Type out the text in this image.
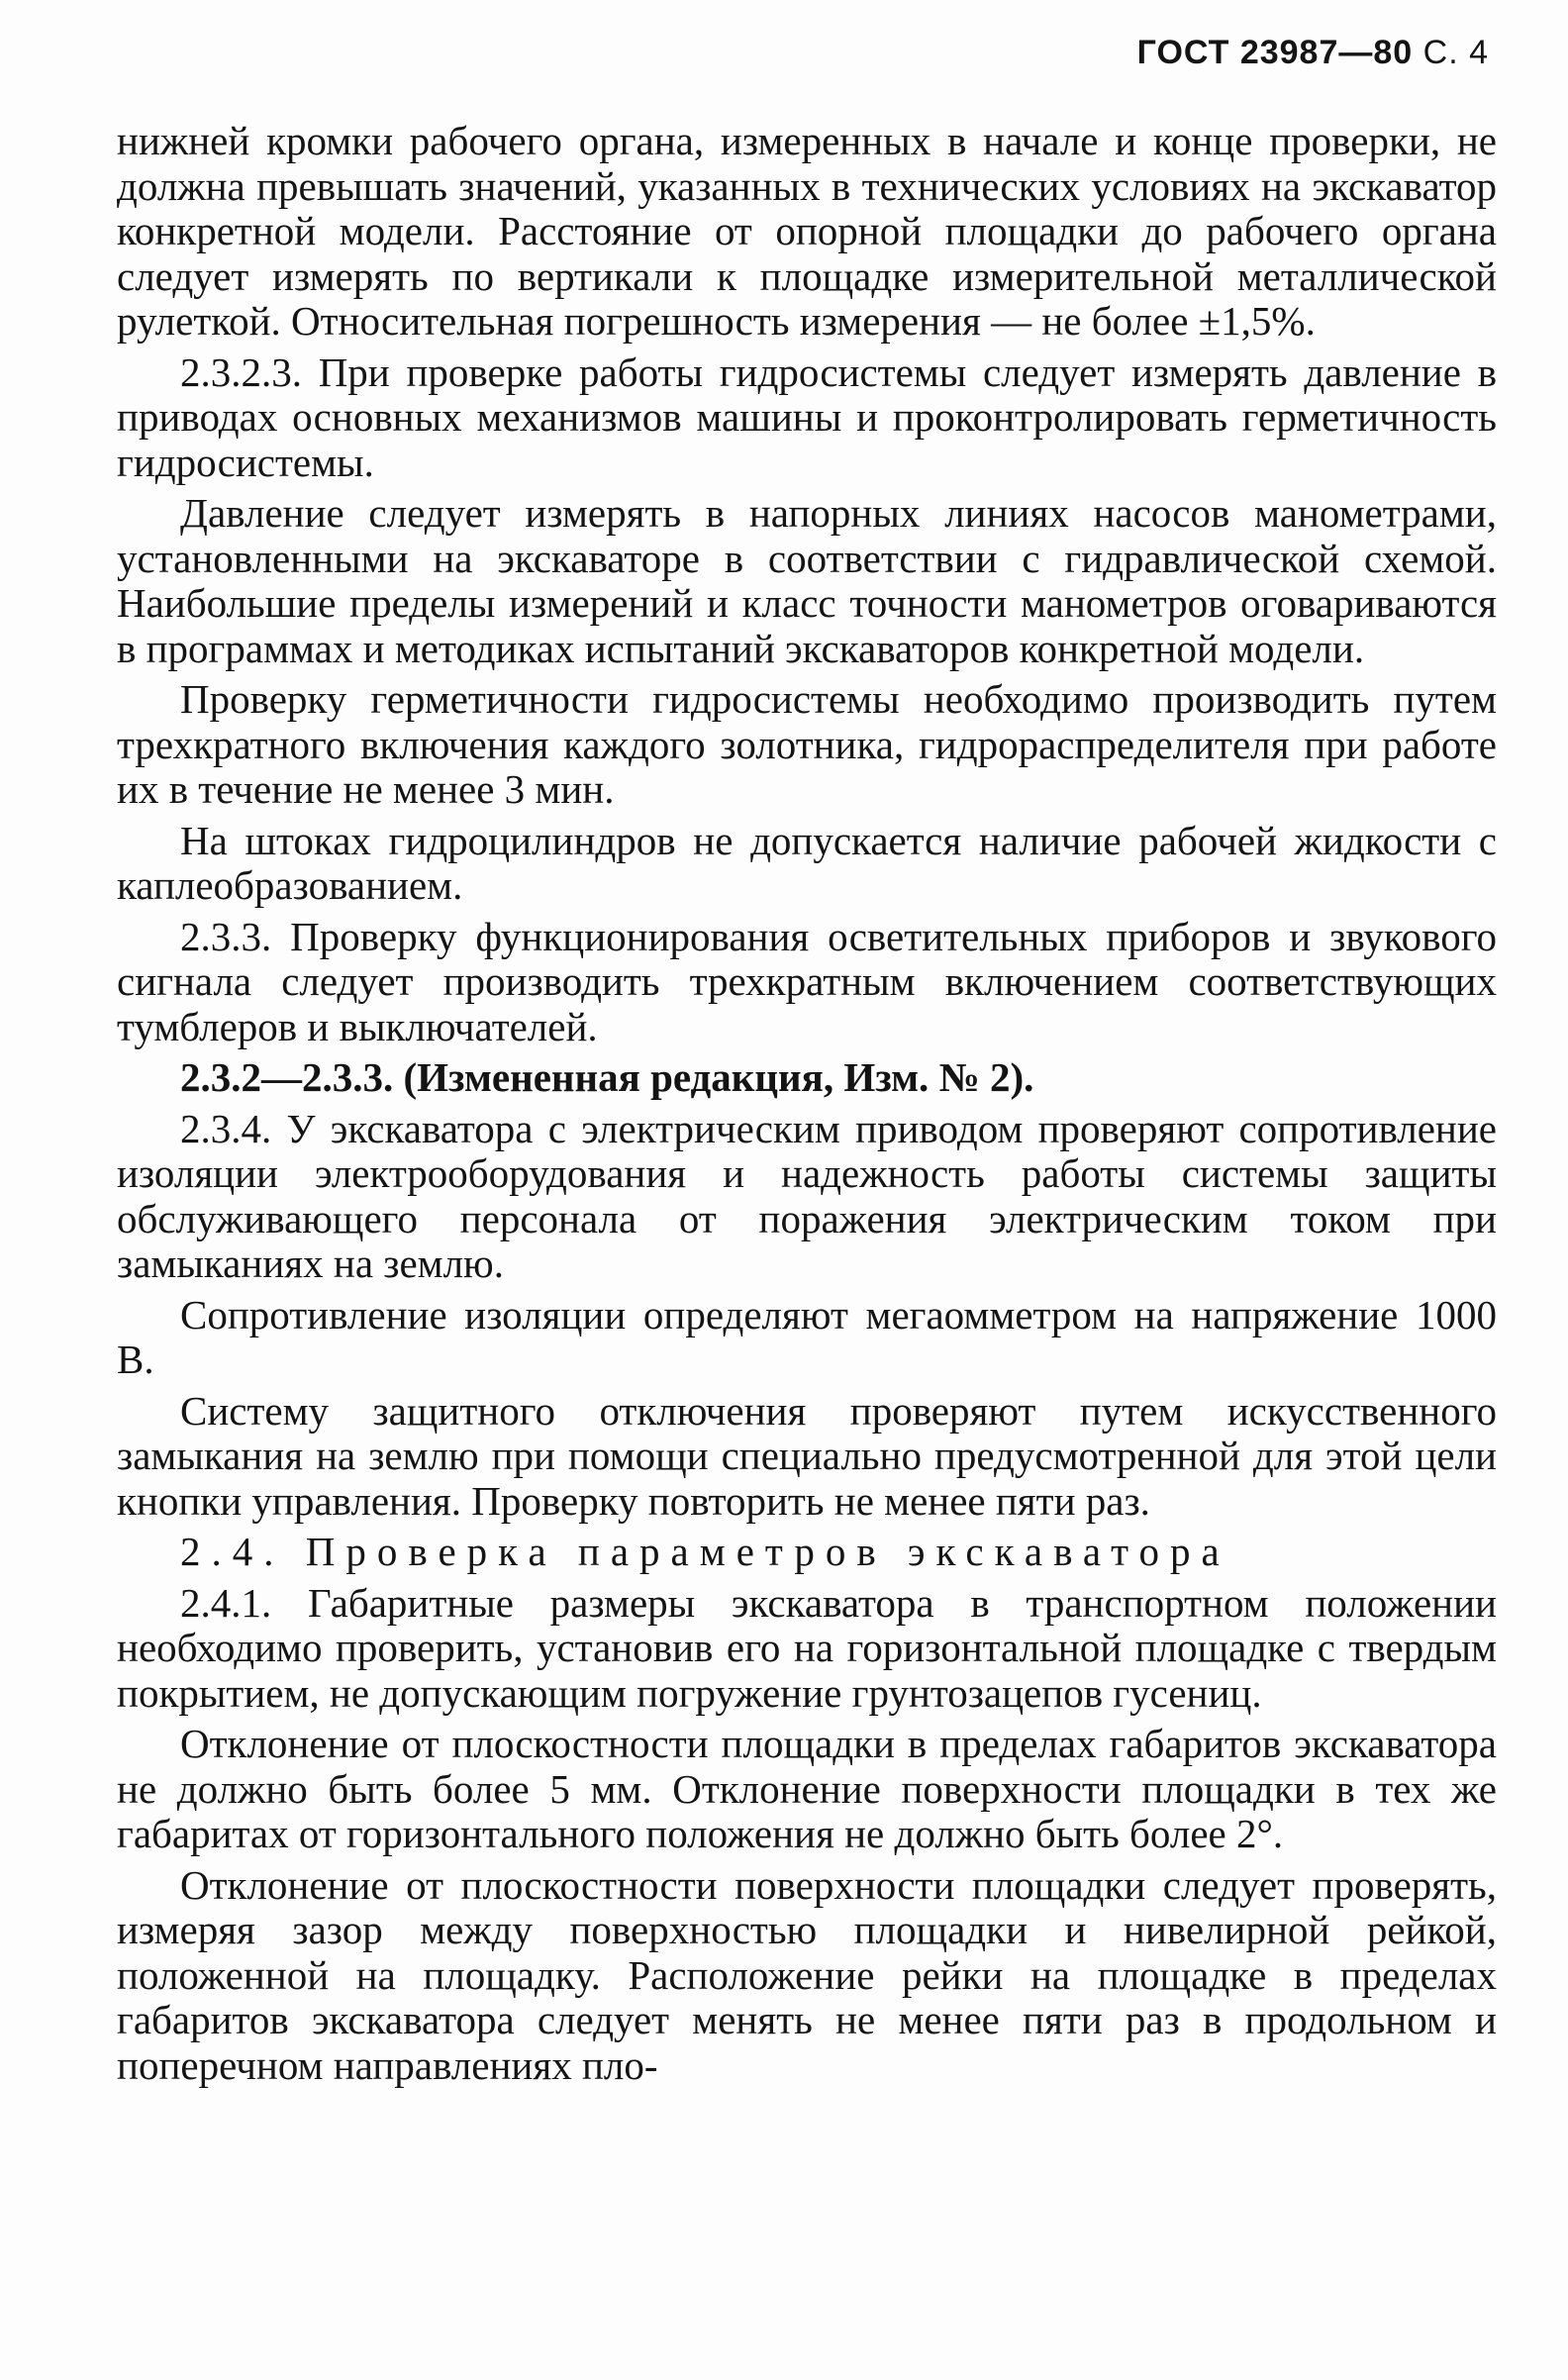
ГОСТ 23987—80 С. 4

нижней кромки рабочего органа, измеренных в начале и конце проверки, не должна превышать значений, указанных в технических условиях на экскаватор конкретной модели. Расстояние от опорной площадки до рабочего органа следует измерять по вертикали к площадке измерительной металлической рулеткой. Относительная погрешность измерения — не более ±1,5%.

2.3.2.3. При проверке работы гидросистемы следует измерять давление в приводах основных механизмов машины и проконтролировать герметичность гидросистемы.

Давление следует измерять в напорных линиях насосов манометрами, установленными на экскаваторе в соответствии с гидравлической схемой. Наибольшие пределы измерений и класс точности манометров оговариваются в программах и методиках испытаний экскаваторов конкретной модели.

Проверку герметичности гидросистемы необходимо производить путем трехкратного включения каждого золотника, гидрораспределителя при работе их в течение не менее 3 мин.

На штоках гидроцилиндров не допускается наличие рабочей жидкости с каплеобразованием.

2.3.3. Проверку функционирования осветительных приборов и звукового сигнала следует производить трехкратным включением соответствующих тумблеров и выключателей.

2.3.2—2.3.3. (Измененная редакция, Изм. № 2).

2.3.4. У экскаватора с электрическим приводом проверяют сопротивление изоляции электрооборудования и надежность работы системы защиты обслуживающего персонала от поражения электрическим током при замыканиях на землю.

Сопротивление изоляции определяют мегаомметром на напряжение 1000 В.

Систему защитного отключения проверяют путем искусственного замыкания на землю при помощи специально предусмотренной для этой цели кнопки управления. Проверку повторить не менее пяти раз.

2.4. Проверка параметров экскаватора

2.4.1. Габаритные размеры экскаватора в транспортном положении необходимо проверить, установив его на горизонтальной площадке с твердым покрытием, не допускающим погружение грунтозацепов гусениц.

Отклонение от плоскостности площадки в пределах габаритов экскаватора не должно быть более 5 мм. Отклонение поверхности площадки в тех же габаритах от горизонтального положения не должно быть более 2°.

Отклонение от плоскостности поверхности площадки следует проверять, измеряя зазор между поверхностью площадки и нивелирной рейкой, положенной на площадку. Расположение рейки на площадке в пределах габаритов экскаватора следует менять не менее пяти раз в продольном и поперечном направлениях пло-
